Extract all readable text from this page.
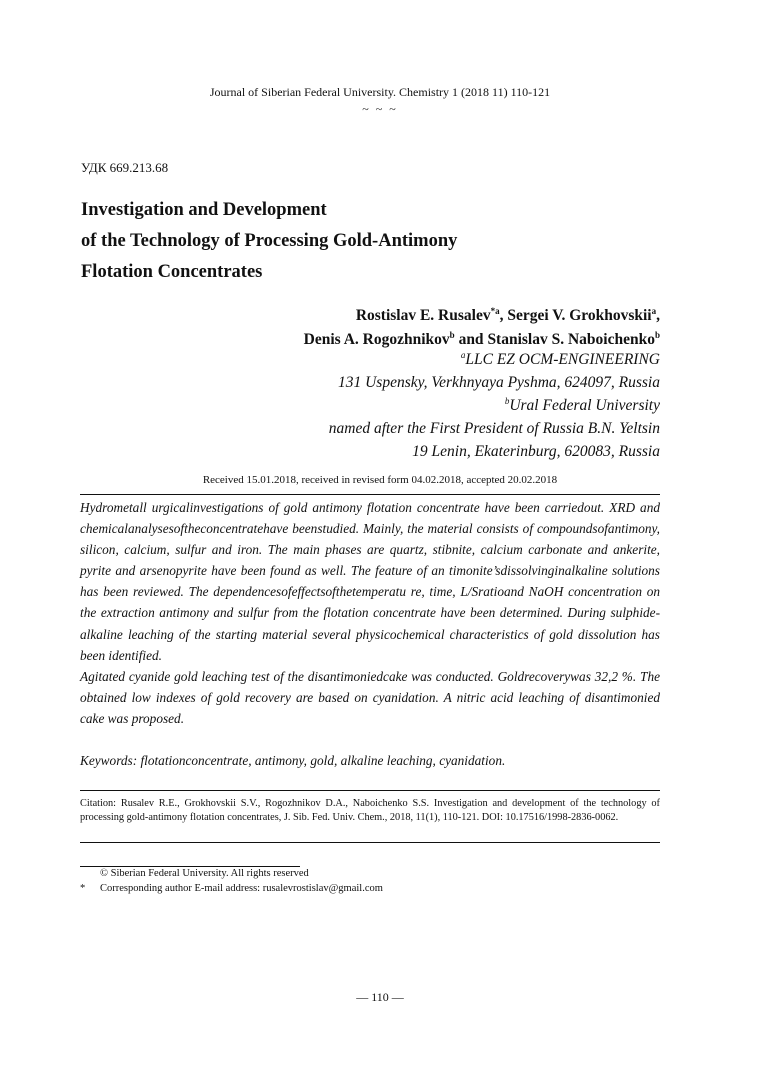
Journal of Siberian Federal University. Chemistry 1 (2018 11) 110-121
~ ~ ~
УДК 669.213.68
Investigation and Development
of the Technology of Processing Gold-Antimony
Flotation Concentrates
Rostislav E. Rusalev$^{*a}$, Sergei V. Grokhovskii$^a$,
Denis A. Rogozhnikov$^b$ and Stanislav S. Naboichenko$^b$
$^a$LLC EZ OCM-ENGINEERING
131 Uspensky, Verkhnyaya Pyshma, 624097, Russia
$^b$Ural Federal University
named after the First President of Russia B.N. Yeltsin
19 Lenin, Ekaterinburg, 620083, Russia
Received 15.01.2018, received in revised form 04.02.2018, accepted 20.02.2018

Hydrometall urgicalinvestigations of gold antimony flotation concentrate have been carriedout. XRD and chemicalanalysesoftheconcentratehave beenstudied. Mainly, the material consists of compoundsofantimony, silicon, calcium, sulfur and iron. The main phases are quartz, stibnite, calcium carbonate and ankerite, pyrite and arsenopyrite have been found as well. The feature of an timonite’sdissolvinginalkaline solutions has been reviewed. The dependencesofeffectsofthetemperatu re, time, L/Sratioand NaOH concentration on the extraction antimony and sulfur from the flotation concentrate have been determined. During sulphide-alkaline leaching of the starting material several physicochemical characteristics of gold dissolution has been identified.

Agitated cyanide gold leaching test of the disantimoniedcake was conducted. Goldrecoverywas 32,2 %. The obtained low indexes of gold recovery are based on cyanidation. A nitric acid leaching of disantimonied cake was proposed.

Keywords: flotationconcentrate, antimony, gold, alkaline leaching, cyanidation.
Citation: Rusalev R.E., Grokhovskii S.V., Rogozhnikov D.A., Naboichenko S.S. Investigation and development of the technology of processing gold-antimony flotation concentrates, J. Sib. Fed. Univ. Chem., 2018, 11(1), 110-121. DOI: 10.17516/1998-2836-0062.
© Siberian Federal University. All rights reserved
* Corresponding author E-mail address: rusalevrostislav@gmail.com
— 110 —
